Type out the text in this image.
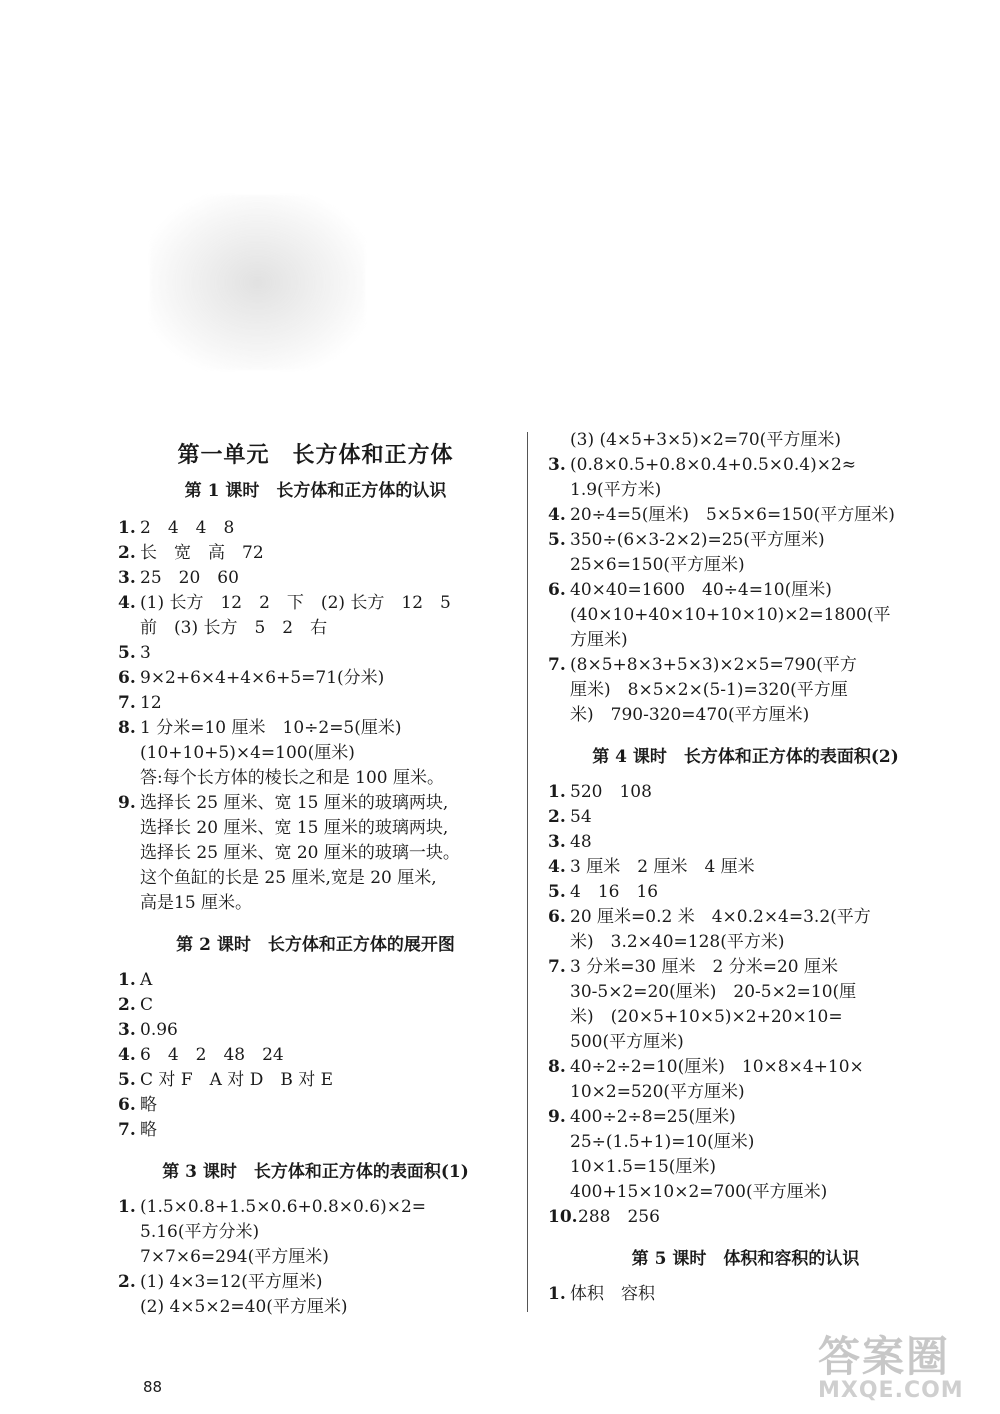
第一单元　长方体和正方体
第 1 课时　长方体和正方体的认识
1. 2　4　4　8
2. 长　宽　高　72
3. 25　20　60
4. (1) 长方　12　2　下　(2) 长方　12　5
前　(3) 长方　5　2　右
5. 3
6. 9×2+6×4+4×6+5=71(分米)
7. 12
8. 1 分米=10 厘米　10÷2=5(厘米)
(10+10+5)×4=100(厘米)
答:每个长方体的棱长之和是 100 厘米。
9. 选择长 25 厘米、宽 15 厘米的玻璃两块,
选择长 20 厘米、宽 15 厘米的玻璃两块,
选择长 25 厘米、宽 20 厘米的玻璃一块。
这个鱼缸的长是 25 厘米,宽是 20 厘米,
高是15 厘米。
第 2 课时　长方体和正方体的展开图
1. A
2. C
3. 0.96
4. 6　4　2　48　24
5. C 对 F　A 对 D　B 对 E
6. 略
7. 略
第 3 课时　长方体和正方体的表面积(1)
1. (1.5×0.8+1.5×0.6+0.8×0.6)×2=
5.16(平方分米)
7×7×6=294(平方厘米)
2. (1) 4×3=12(平方厘米)
(2) 4×5×2=40(平方厘米)
(3) (4×5+3×5)×2=70(平方厘米)
3. (0.8×0.5+0.8×0.4+0.5×0.4)×2≈
1.9(平方米)
4. 20÷4=5(厘米)　5×5×6=150(平方厘米)
5. 350÷(6×3-2×2)=25(平方厘米)
25×6=150(平方厘米)
6. 40×40=1600　40÷4=10(厘米)
(40×10+40×10+10×10)×2=1800(平
方厘米)
7. (8×5+8×3+5×3)×2×5=790(平方
厘米)　8×5×2×(5-1)=320(平方厘
米)　790-320=470(平方厘米)
第 4 课时　长方体和正方体的表面积(2)
1. 520　108
2. 54
3. 48
4. 3 厘米　2 厘米　4 厘米
5. 4　16　16
6. 20 厘米=0.2 米　4×0.2×4=3.2(平方
米)　3.2×40=128(平方米)
7. 3 分米=30 厘米　2 分米=20 厘米
30-5×2=20(厘米)　20-5×2=10(厘
米)　(20×5+10×5)×2+20×10=
500(平方厘米)
8. 40÷2÷2=10(厘米)　10×8×4+10×
10×2=520(平方厘米)
9. 400÷2÷8=25(厘米)
25÷(1.5+1)=10(厘米)
10×1.5=15(厘米)
400+15×10×2=700(平方厘米)
10. 288　256
第 5 课时　体积和容积的认识
1. 体积　容积
88
答案圈
MXQE.COM
